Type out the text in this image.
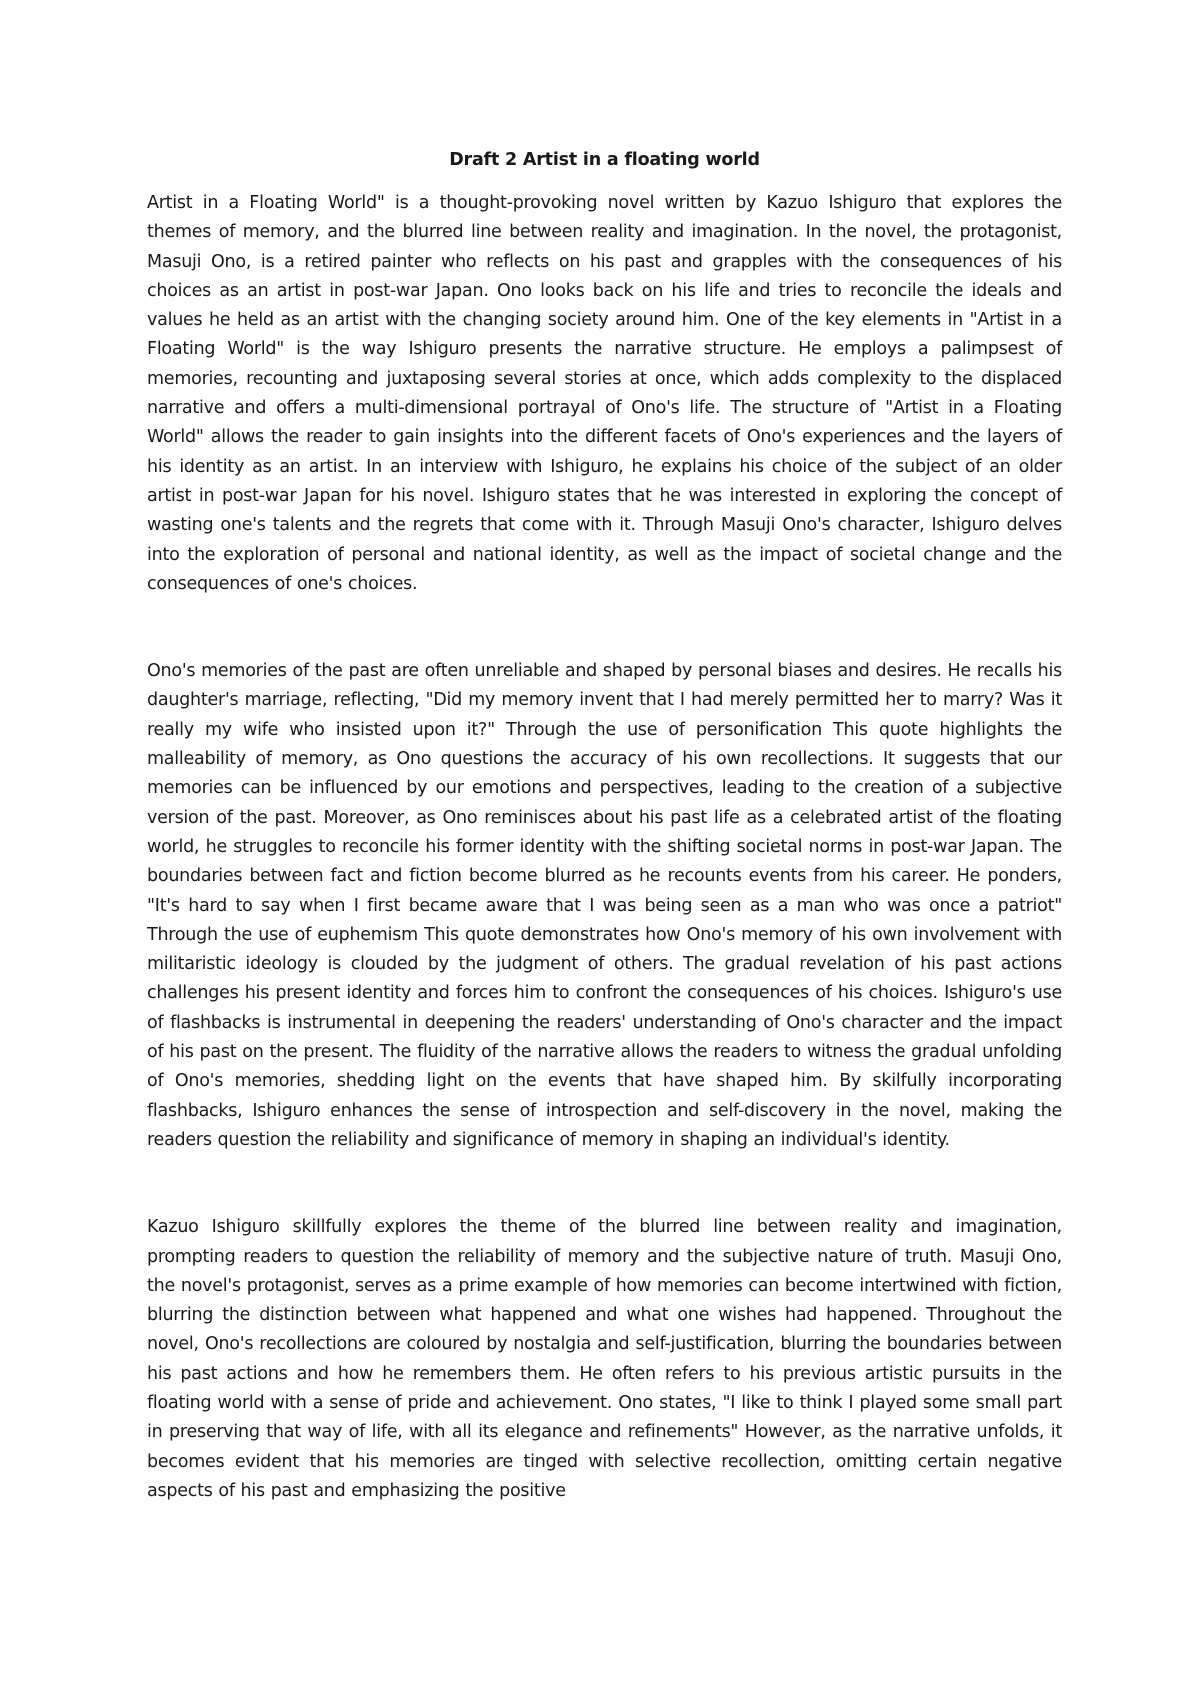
Draft 2 Artist in a floating world

Artist in a Floating World" is a thought-provoking novel written by Kazuo Ishiguro that explores the themes of memory, and the blurred line between reality and imagination. In the novel, the protagonist, Masuji Ono, is a retired painter who reflects on his past and grapples with the consequences of his choices as an artist in post-war Japan. Ono looks back on his life and tries to reconcile the ideals and values he held as an artist with the changing society around him. One of the key elements in "Artist in a Floating World" is the way Ishiguro presents the narrative structure. He employs a palimpsest of memories, recounting and juxtaposing several stories at once, which adds complexity to the displaced narrative and offers a multi-dimensional portrayal of Ono's life. The structure of "Artist in a Floating World" allows the reader to gain insights into the different facets of Ono's experiences and the layers of his identity as an artist. In an interview with Ishiguro, he explains his choice of the subject of an older artist in post-war Japan for his novel. Ishiguro states that he was interested in exploring the concept of wasting one's talents and the regrets that come with it. Through Masuji Ono's character, Ishiguro delves into the exploration of personal and national identity, as well as the impact of societal change and the consequences of one's choices.

Ono's memories of the past are often unreliable and shaped by personal biases and desires. He recalls his daughter's marriage, reflecting, "Did my memory invent that I had merely permitted her to marry? Was it really my wife who insisted upon it?" Through the use of personification This quote highlights the malleability of memory, as Ono questions the accuracy of his own recollections. It suggests that our memories can be influenced by our emotions and perspectives, leading to the creation of a subjective version of the past. Moreover, as Ono reminisces about his past life as a celebrated artist of the floating world, he struggles to reconcile his former identity with the shifting societal norms in post-war Japan. The boundaries between fact and fiction become blurred as he recounts events from his career. He ponders, "It's hard to say when I first became aware that I was being seen as a man who was once a patriot" Through the use of euphemism This quote demonstrates how Ono's memory of his own involvement with militaristic ideology is clouded by the judgment of others. The gradual revelation of his past actions challenges his present identity and forces him to confront the consequences of his choices. Ishiguro's use of flashbacks is instrumental in deepening the readers' understanding of Ono's character and the impact of his past on the present. The fluidity of the narrative allows the readers to witness the gradual unfolding of Ono's memories, shedding light on the events that have shaped him. By skilfully incorporating flashbacks, Ishiguro enhances the sense of introspection and self-discovery in the novel, making the readers question the reliability and significance of memory in shaping an individual's identity.

Kazuo Ishiguro skillfully explores the theme of the blurred line between reality and imagination, prompting readers to question the reliability of memory and the subjective nature of truth. Masuji Ono, the novel's protagonist, serves as a prime example of how memories can become intertwined with fiction, blurring the distinction between what happened and what one wishes had happened. Throughout the novel, Ono's recollections are coloured by nostalgia and self-justification, blurring the boundaries between his past actions and how he remembers them. He often refers to his previous artistic pursuits in the floating world with a sense of pride and achievement. Ono states, "I like to think I played some small part in preserving that way of life, with all its elegance and refinements" However, as the narrative unfolds, it becomes evident that his memories are tinged with selective recollection, omitting certain negative aspects of his past and emphasizing the positive
